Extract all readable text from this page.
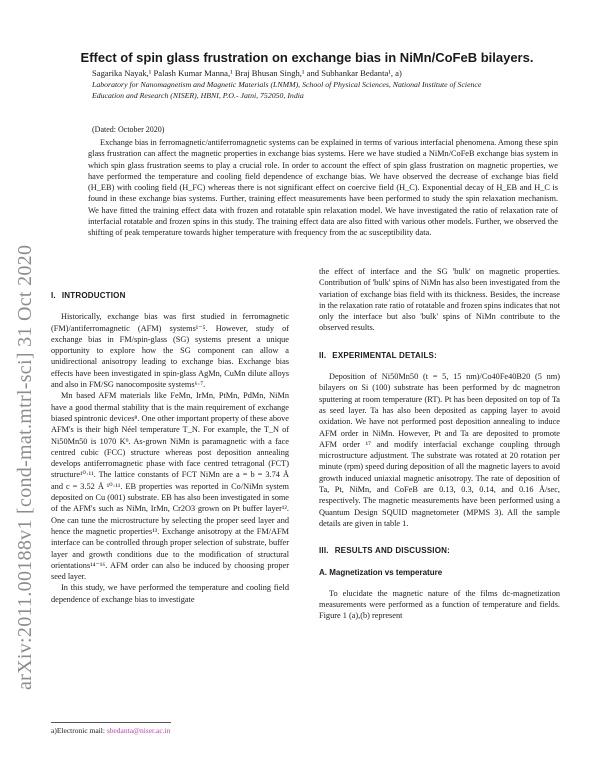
arXiv:2011.00188v1 [cond-mat.mtrl-sci] 31 Oct 2020
Effect of spin glass frustration on exchange bias in NiMn/CoFeB bilayers.
Sagarika Nayak,¹ Palash Kumar Manna,¹ Braj Bhusan Singh,¹ and Subhankar Bedanta¹, a)
Laboratory for Nanomagnetism and Magnetic Materials (LNMM), School of Physical Sciences, National Institute of Science Education and Research (NISER), HBNI, P.O.- Jatni, 752050, India
(Dated: October 2020)
Exchange bias in ferromagnetic/antiferromagnetic systems can be explained in terms of various interfacial phenomena. Among these spin glass frustration can affect the magnetic properties in exchange bias systems. Here we have studied a NiMn/CoFeB exchange bias system in which spin glass frustration seems to play a crucial role. In order to account the effect of spin glass frustration on magnetic properties, we have performed the temperature and cooling field dependence of exchange bias. We have observed the decrease of exchange bias field (H_EB) with cooling field (H_FC) whereas there is not significant effect on coercive field (H_C). Exponential decay of H_EB and H_C is found in these exchange bias systems. Further, training effect measurements have been performed to study the spin relaxation mechanism. We have fitted the training effect data with frozen and rotatable spin relaxation model. We have investigated the ratio of relaxation rate of interfacial rotatable and frozen spins in this study. The training effect data are also fitted with various other models. Further, we observed the shifting of peak temperature towards higher temperature with frequency from the ac susceptibility data.
I. INTRODUCTION

Historically, exchange bias was first studied in ferromagnetic (FM)/antiferromagnetic (AFM) systems¹⁻⁵. However, study of exchange bias in FM/spin-glass (SG) systems present a unique opportunity to explore how the SG component can allow a unidirectional anisotropy leading to exchange bias. Exchange bias effects have been investigated in spin-glass AgMn, CuMn dilute alloys and also in FM/SG nanocomposite systems⁶·⁷.

Mn based AFM materials like FeMn, IrMn, PtMn, PdMn, NiMn have a good thermal stability that is the main requirement of exchange biased spintronic devices⁸. One other important property of these above AFM's is their high Néel temperature T_N. For example, the T_N of Ni50Mn50 is 1070 K⁹. As-grown NiMn is paramagnetic with a face centred cubic (FCC) structure whereas post deposition annealing develops antiferromagnetic phase with face centred tetragonal (FCT) structure¹⁰·¹¹. The lattice constants of FCT NiMn are a = b = 3.74 Å and c = 3.52 Å ¹⁰·¹¹. EB properties was reported in Co/NiMn system deposited on Cu (001) substrate. EB has also been investigated in some of the AFM's such as NiMn, IrMn, Cr2O3 grown on Pt buffer layer¹². One can tune the microstructure by selecting the proper seed layer and hence the magnetic properties¹³. Exchange anisotropy at the FM/AFM interface can be controlled through proper selection of substrate, buffer layer and growth conditions due to the modification of structural orientations¹⁴⁻¹⁶. AFM order can also be induced by choosing proper seed layer.

In this study, we have performed the temperature and cooling field dependence of exchange bias to investigate

the effect of interface and the SG 'bulk' on magnetic properties. Contribution of 'bulk' spins of NiMn has also been investigated from the variation of exchange bias field with its thickness. Besides, the increase in the relaxation rate ratio of rotatable and frozen spins indicates that not only the interface but also 'bulk' spins of NiMn contribute to the observed results.

II. EXPERIMENTAL DETAILS:

Deposition of Ni50Mn50 (t = 5, 15 nm)/Co40Fe40B20 (5 nm) bilayers on Si (100) substrate has been performed by dc magnetron sputtering at room temperature (RT). Pt has been deposited on top of Ta as seed layer. Ta has also been deposited as capping layer to avoid oxidation. We have not performed post deposition annealing to induce AFM order in NiMn. However, Pt and Ta are deposited to promote AFM order ¹⁷ and modify interfacial exchange coupling through microstructure adjustment. The substrate was rotated at 20 rotation per minute (rpm) speed during deposition of all the magnetic layers to avoid growth induced uniaxial magnetic anisotropy. The rate of deposition of Ta, Pt, NiMn, and CoFeB are 0.13, 0.3, 0.14, and 0.16 Å/sec, respectively. The magnetic measurements have been performed using a Quantum Design SQUID magnetometer (MPMS 3). All the sample details are given in table 1.

III. RESULTS AND DISCUSSION:
A. Magnetization vs temperature

To elucidate the magnetic nature of the films dc-magnetization measurements were performed as a function of temperature and fields. Figure 1 (a),(b) represent

a)Electronic mail: sbedanta@niser.ac.in
